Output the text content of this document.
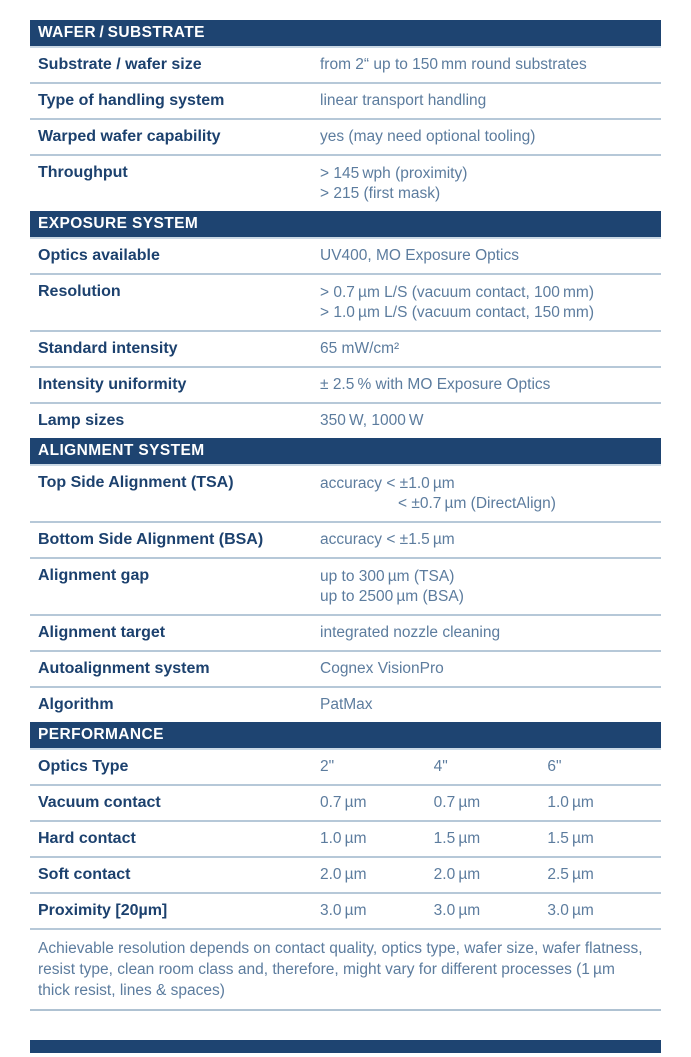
WAFER / SUBSTRATE
Substrate / wafer size	from 2“ up to 150 mm round substrates
Type of handling system	linear transport handling
Warped wafer capability	yes (may need optional tooling)
Throughput	> 145 wph (proximity)
> 215 (first mask)
EXPOSURE SYSTEM
Optics available	UV400, MO Exposure Optics
Resolution	> 0.7 µm L/S (vacuum contact, 100 mm)
> 1.0 µm L/S (vacuum contact, 150 mm)
Standard intensity	65 mW/cm²
Intensity uniformity	± 2.5 % with MO Exposure Optics
Lamp sizes	350 W, 1000 W
ALIGNMENT SYSTEM
Top Side Alignment (TSA)	accuracy < ±1.0 µm
< ±0.7 µm (DirectAlign)
Bottom Side Alignment (BSA)	accuracy < ±1.5 µm
Alignment gap	up to 300 µm (TSA)
up to 2500 µm (BSA)
Alignment target	integrated nozzle cleaning
Autoalignment system	Cognex VisionPro
Algorithm	PatMax
PERFORMANCE
Optics Type	2"	4"	6"
Vacuum contact	0.7 µm	0.7 µm	1.0 µm
Hard contact	1.0 µm	1.5 µm	1.5 µm
Soft contact	2.0 µm	2.0 µm	2.5 µm
Proximity [20µm]	3.0 µm	3.0 µm	3.0 µm
Achievable resolution depends on contact quality, optics type, wafer size, wafer flatness, resist type, clean room class and, therefore, might vary for different processes (1 µm thick resist, lines & spaces)
